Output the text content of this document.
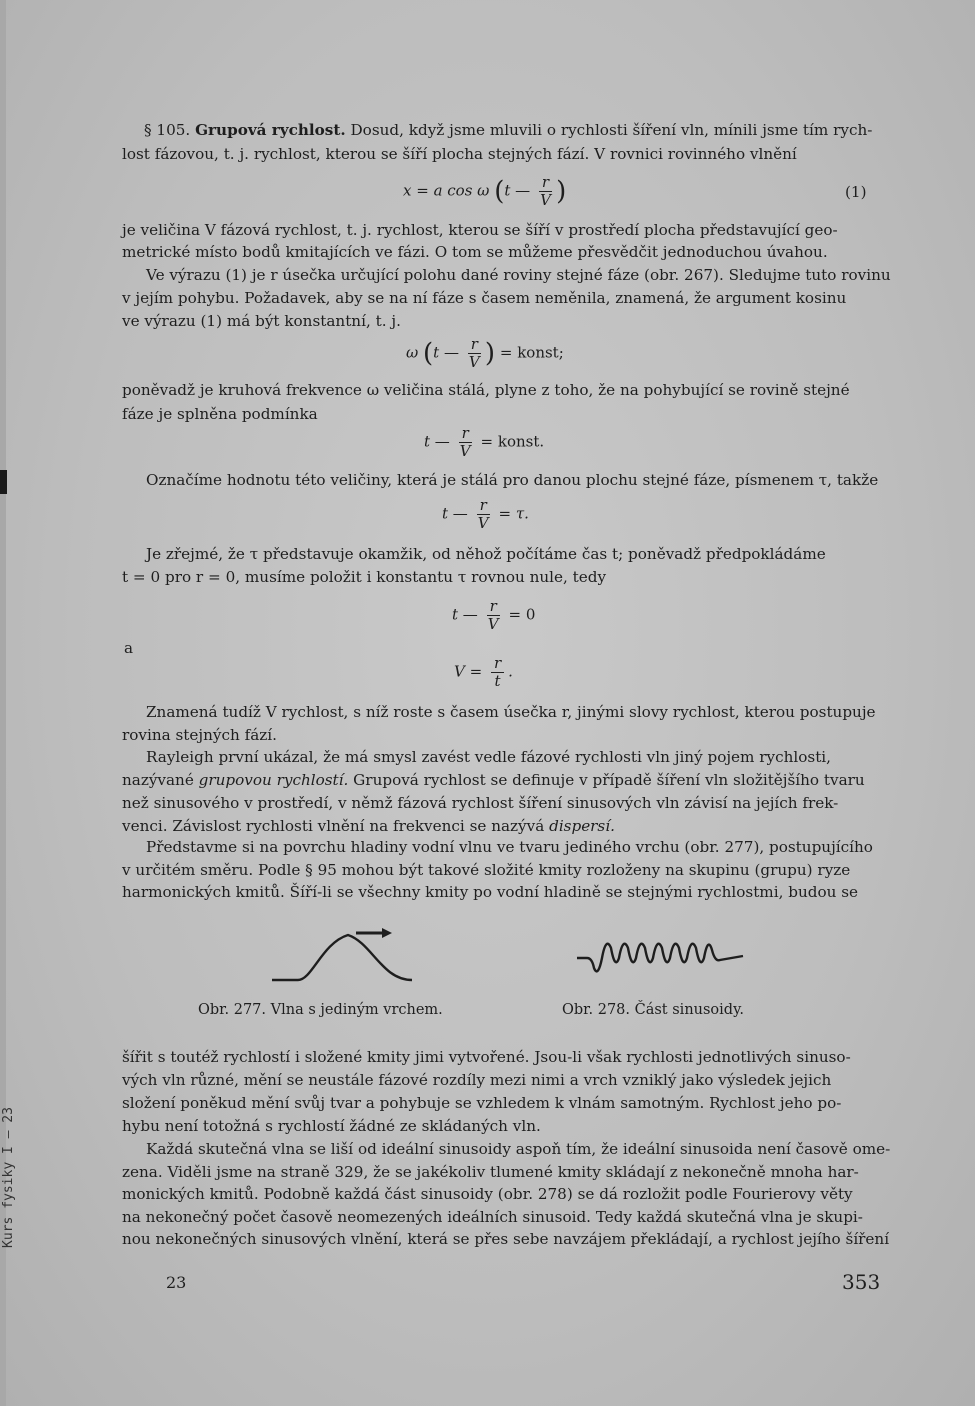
Kurs fysiky I — 23
§ 105. Grupová rychlost. Dosud, když jsme mluvili o rychlosti šíření vln, mínili jsme tím rych-
lost fázovou, t. j. rychlost, kterou se šíří plocha stejných fází. V rovnici rovinného vlnění
x = a cos ω (t — $\frac{r}{V}$ )	(1)
je veličina V fázová rychlost, t. j. rychlost, kterou se šíří v prostředí plocha představující geo-
metrické místo bodů kmitajících ve fázi. O tom se můžeme přesvědčit jednoduchou úvahou.
Ve výrazu (1) je r úsečka určující polohu dané roviny stejné fáze (obr. 267). Sledujme tuto rovinu
v jejím pohybu. Požadavek, aby se na ní fáze s časem neměnila, znamená, že argument kosinu
ve výrazu (1) má být konstantní, t. j.
ω (t — $\frac{r}{V}$ ) = konst;
poněvadž je kruhová frekvence ω veličina stálá, plyne z toho, že na pohybující se rovině stejné
fáze je splněna podmínka
t — $\frac{r}{V}$ = konst.
Označíme hodnotu této veličiny, která je stálá pro danou plochu stejné fáze, písmenem τ, takže
t — $\frac{r}{V} = \tau$.
Je zřejmé, že τ představuje okamžik, od něhož počítáme čas t; poněvadž předpokládáme
t = 0 pro r = 0, musíme položit i konstantu τ rovnou nule, tedy
t — $\frac{r}{V} = 0$
a
$V = \frac{r}{t}$ .
Znamená tudíž V rychlost, s níž roste s časem úsečka r, jinými slovy rychlost, kterou postupuje
rovina stejných fází.
Rayleigh první ukázal, že má smysl zavést vedle fázové rychlosti vln jiný pojem rychlosti,
nazývané grupovou rychlostí. Grupová rychlost se definuje v případě šíření vln složitějšího tvaru
než sinusového v prostředí, v němž fázová rychlost šíření sinusových vln závisí na jejích frek-
venci. Závislost rychlosti vlnění na frekvenci se nazývá dispersí.
Představme si na povrchu hladiny vodní vlnu ve tvaru jediného vrchu (obr. 277), postupujícího
v určitém směru. Podle § 95 mohou být takové složité kmity rozloženy na skupinu (grupu) ryze
harmonických kmitů. Šíří-li se všechny kmity po vodní hladině se stejnými rychlostmi, budou se
Obr. 277. Vlna s jediným vrchem.	Obr. 278. Část sinusoidy.
šířit s toutéž rychlostí i složené kmity jimi vytvořené. Jsou-li však rychlosti jednotlivých sinuso-
vých vln různé, mění se neustále fázové rozdíly mezi nimi a vrch vzniklý jako výsledek jejich
složení poněkud mění svůj tvar a pohybuje se vzhledem k vlnám samotným. Rychlost jeho po-
hybu není totožná s rychlostí žádné ze skládaných vln.
Každá skutečná vlna se liší od ideální sinusoidy aspoň tím, že ideální sinusoida není časově ome-
zena. Viděli jsme na straně 329, že se jakékoliv tlumené kmity skládají z nekonečně mnoha har-
monických kmitů. Podobně každá část sinusoidy (obr. 278) se dá rozložit podle Fourierovy věty
na nekonečný počet časově neomezených ideálních sinusoid. Tedy každá skutečná vlna je skupi-
nou nekonečných sinusových vlnění, která se přes sebe navzájem překládají, a rychlost jejího šíření
23	353
